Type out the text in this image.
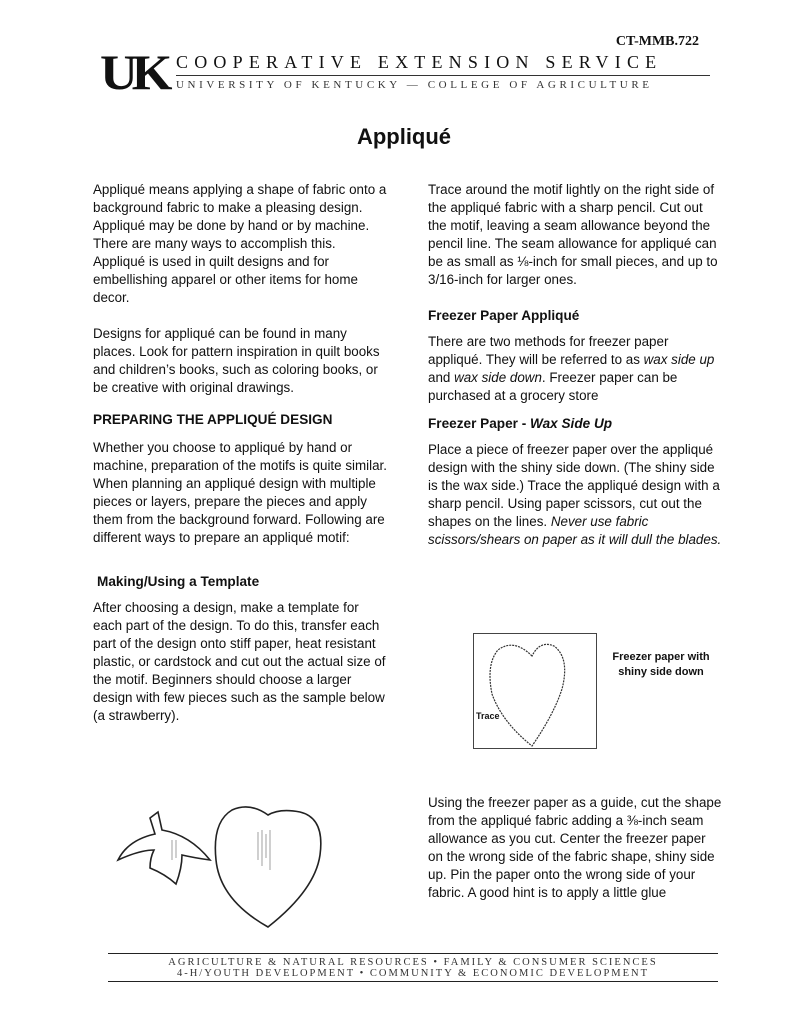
CT-MMB.722
UK COOPERATIVE EXTENSION SERVICE
UNIVERSITY OF KENTUCKY — COLLEGE OF AGRICULTURE
Appliqué

Appliqué means applying a shape of fabric onto a background fabric to make a pleasing design. Appliqué may be done by hand or by machine. There are many ways to accomplish this. Appliqué is used in quilt designs and for embellishing apparel or other items for home decor.

Designs for appliqué can be found in many places. Look for pattern inspiration in quilt books and children’s books, such as coloring books, or be creative with original drawings.

PREPARING THE APPLIQUÉ DESIGN

Whether you choose to appliqué by hand or machine, preparation of the motifs is quite similar. When planning an appliqué design with multiple pieces or layers, prepare the pieces and apply them from the background forward. Following are different ways to prepare an appliqué motif:

Making/Using a Template

After choosing a design, make a template for each part of the design. To do this, transfer each part of the design onto stiff paper, heat resistant plastic, or cardstock and cut out the actual size of the motif. Beginners should choose a larger design with few pieces such as the sample below (a strawberry).

Trace around the motif lightly on the right side of the appliqué fabric with a sharp pencil. Cut out the motif, leaving a seam allowance beyond the pencil line. The seam allowance for appliqué can be as small as ⅛-inch for small pieces, and up to 3/16-inch for larger ones.

Freezer Paper Appliqué

There are two methods for freezer paper appliqué. They will be referred to as wax side up and wax side down. Freezer paper can be purchased at a grocery store

Freezer Paper - Wax Side Up

Place a piece of freezer paper over the appliqué design with the shiny side down. (The shiny side is the wax side.) Trace the appliqué design with a sharp pencil. Using paper scissors, cut out the shapes on the lines. Never use fabric scissors/shears on paper as it will dull the blades.

Trace
Freezer paper with shiny side down

Using the freezer paper as a guide, cut the shape from the appliqué fabric adding a ⅜-inch seam allowance as you cut. Center the freezer paper on the wrong side of the fabric shape, shiny side up. Pin the paper onto the wrong side of your fabric. A good hint is to apply a little glue

AGRICULTURE & NATURAL RESOURCES • FAMILY & CONSUMER SCIENCES
4-H/YOUTH DEVELOPMENT • COMMUNITY & ECONOMIC DEVELOPMENT
